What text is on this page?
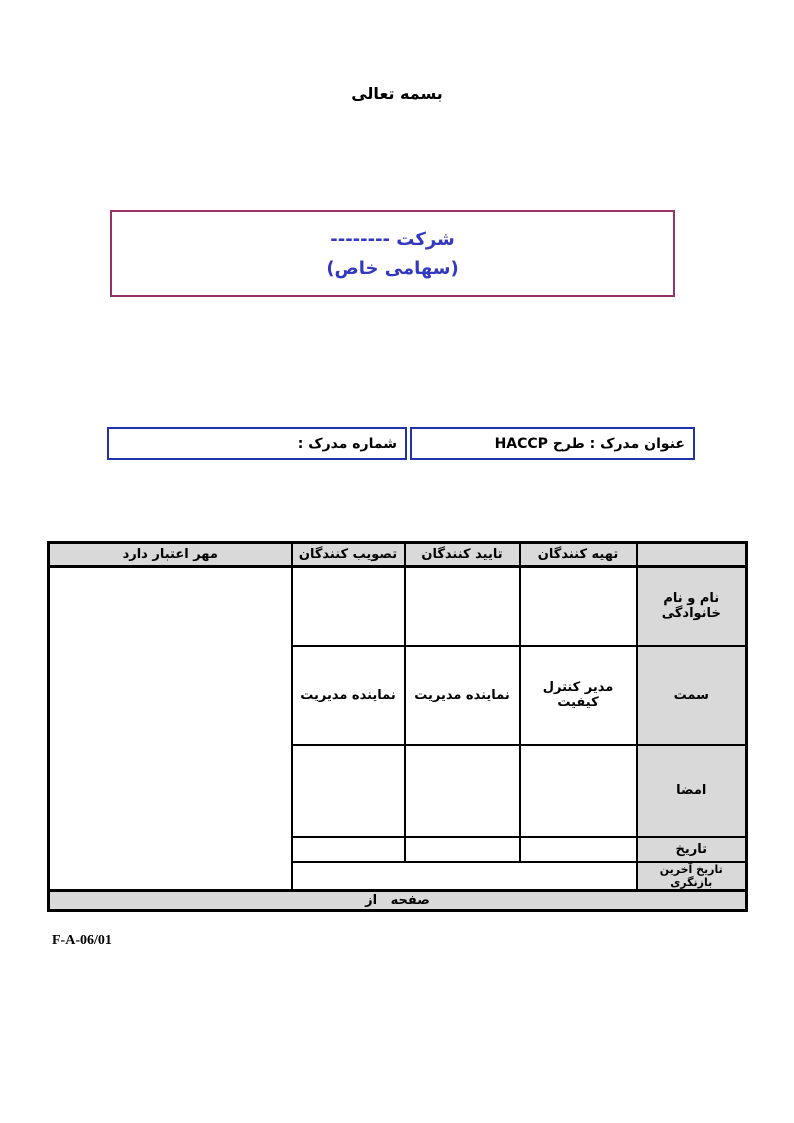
بسمه تعالی
شرکت --------
(سهامی خاص)
عنوان مدرک : طرح HACCP
شماره مدرک :
	تهیه کنندگان	تایید کنندگان	تصویب کنندگان	مهر اعتبار دارد
نام و نام خانوادگی				
سمت	مدیر کنترل کیفیت	نماینده مدیریت	نماینده مدیریت	
امضا				
تاریخ				
تاریخ آخرین بازنگری				
صفحه   از				
F-A-06/01
